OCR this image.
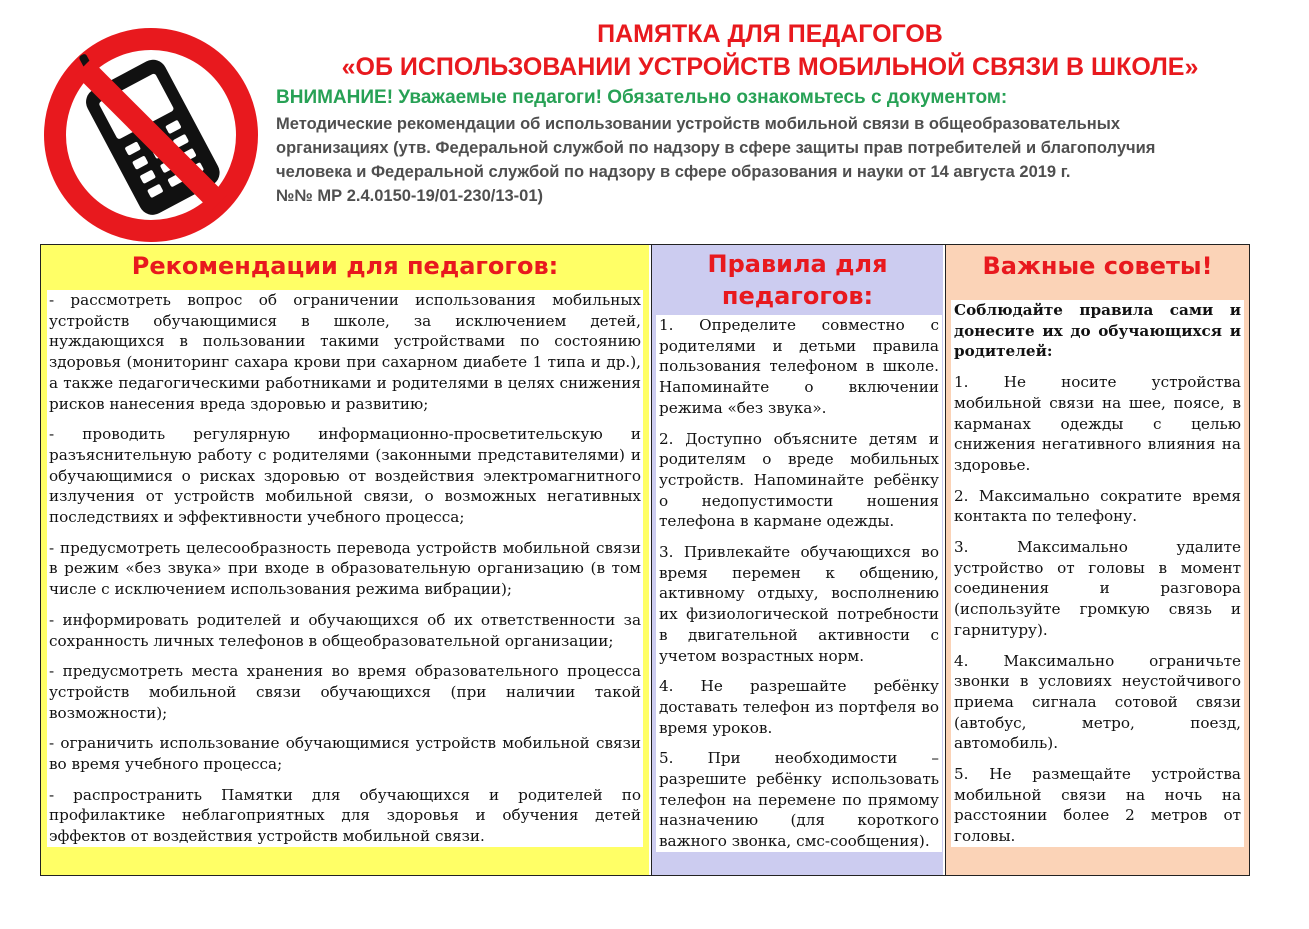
ПАМЯТКА ДЛЯ ПЕДАГОГОВ
«ОБ ИСПОЛЬЗОВАНИИ УСТРОЙСТВ МОБИЛЬНОЙ СВЯЗИ В ШКОЛЕ»
ВНИМАНИЕ! Уважаемые педагоги! Обязательно ознакомьтесь с документом:
Методические рекомендации об использовании устройств мобильной связи в общеобразовательных
организациях (утв. Федеральной службой по надзору в сфере защиты прав потребителей и благополучия
человека и Федеральной службой по надзору в сфере образования и науки от 14 августа 2019 г.
№№ МР 2.4.0150-19/01-230/13-01)
Рекомендации для педагогов:

- рассмотреть вопрос об ограничении использования мобильных устройств обучающимися в школе, за исключением детей, нуждающихся в пользовании такими устройствами по состоянию здоровья (мониторинг сахара крови при сахарном диабете 1 типа и др.), а также педагогическими работниками и родителями в целях снижения рисков нанесения вреда здоровью и развитию;

- проводить регулярную информационно-просветительскую и разъяснительную работу с родителями (законными представителями) и обучающимися о рисках здоровью от воздействия электромагнитного излучения от устройств мобильной связи, о возможных негативных последствиях и эффективности учебного процесса;

- предусмотреть целесообразность перевода устройств мобильной связи в режим «без звука» при входе в образовательную организацию (в том числе с исключением использования режима вибрации);

- информировать родителей и обучающихся об их ответственности за сохранность личных телефонов в общеобразовательной организации;

- предусмотреть места хранения во время образовательного процесса устройств мобильной связи обучающихся (при наличии такой возможности);

- ограничить использование обучающимися устройств мобильной связи во время учебного процесса;

- распространить Памятки для обучающихся и родителей по профилактике неблагоприятных для здоровья и обучения детей эффектов от воздействия устройств мобильной связи.

Правила для
педагогов:

1. Определите совместно с родителями и детьми правила пользования телефоном в школе. Напоминайте о включении режима «без звука».

2. Доступно объясните детям и родителям о вреде мобильных устройств. Напоминайте ребёнку о недопустимости ношения телефона в кармане одежды.

3. Привлекайте обучающихся во время перемен к общению, активному отдыху, восполнению их физиологической потребности в двигательной активности с учетом возрастных норм.

4. Не разрешайте ребёнку доставать телефон из портфеля во время уроков.

5. При необходимости – разрешите ребёнку использовать телефон на перемене по прямому назначению (для короткого важного звонка, смс-сообщения).

Важные советы!

Соблюдайте правила сами и донесите их до обучающихся и родителей:

1. Не носите устройства мобильной связи на шее, поясе, в карманах одежды с целью снижения негативного влияния на здоровье.

2. Максимально сократите время контакта по телефону.

3. Максимально удалите устройство от головы в момент соединения и разговора (используйте громкую связь и гарнитуру).

4. Максимально ограничьте звонки в условиях неустойчивого приема сигнала сотовой связи (автобус, метро, поезд, автомобиль).

5. Не размещайте устройства мобильной связи на ночь на расстоянии более 2 метров от головы.
